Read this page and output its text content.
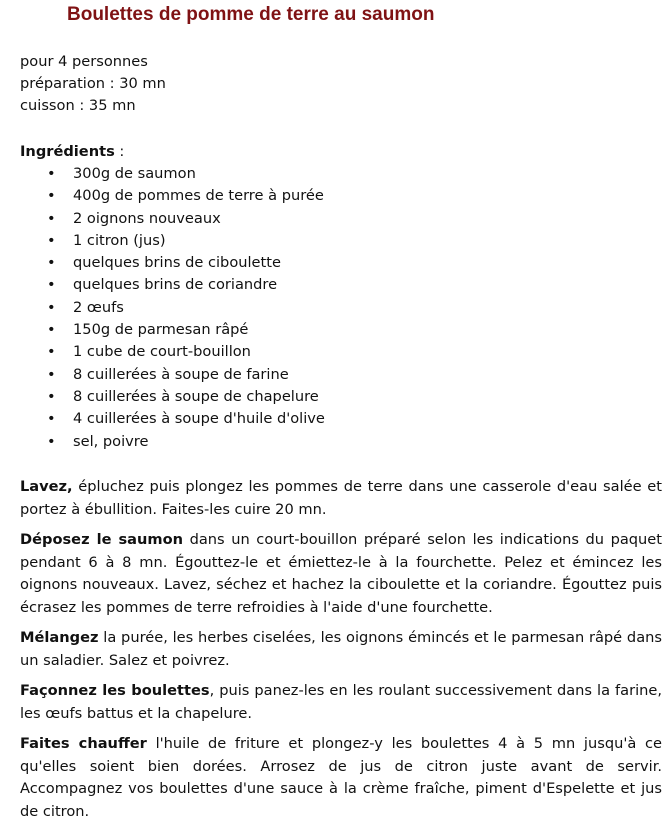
Boulettes de pomme de terre au saumon
pour 4 personnes
préparation : 30 mn
cuisson : 35 mn
Ingrédients :
• 300g de saumon
• 400g de pommes de terre à purée
• 2 oignons nouveaux
• 1 citron (jus)
• quelques brins de ciboulette
• quelques brins de coriandre
• 2 œufs
• 150g de parmesan râpé
• 1 cube de court-bouillon
• 8 cuillerées à soupe de farine
• 8 cuillerées à soupe de chapelure
• 4 cuillerées à soupe d'huile d'olive
• sel, poivre

Lavez, épluchez puis plongez les pommes de terre dans une casserole d'eau salée et portez à ébullition. Faites-les cuire 20 mn.

Déposez le saumon dans un court-bouillon préparé selon les indications du paquet pendant 6 à 8 mn. Égouttez-le et émiettez-le à la fourchette. Pelez et émincez les oignons nouveaux. Lavez, séchez et hachez la ciboulette et la coriandre. Égouttez puis écrasez les pommes de terre refroidies à l'aide d'une fourchette.

Mélangez la purée, les herbes ciselées, les oignons émincés et le parmesan râpé dans un saladier. Salez et poivrez.

Façonnez les boulettes, puis panez-les en les roulant successivement dans la farine, les œufs battus et la chapelure.

Faites chauffer l'huile de friture et plongez-y les boulettes 4 à 5 mn jusqu'à ce qu'elles soient bien dorées. Arrosez de jus de citron juste avant de servir. Accompagnez vos boulettes d'une sauce à la crème fraîche, piment d'Espelette et jus de citron.
